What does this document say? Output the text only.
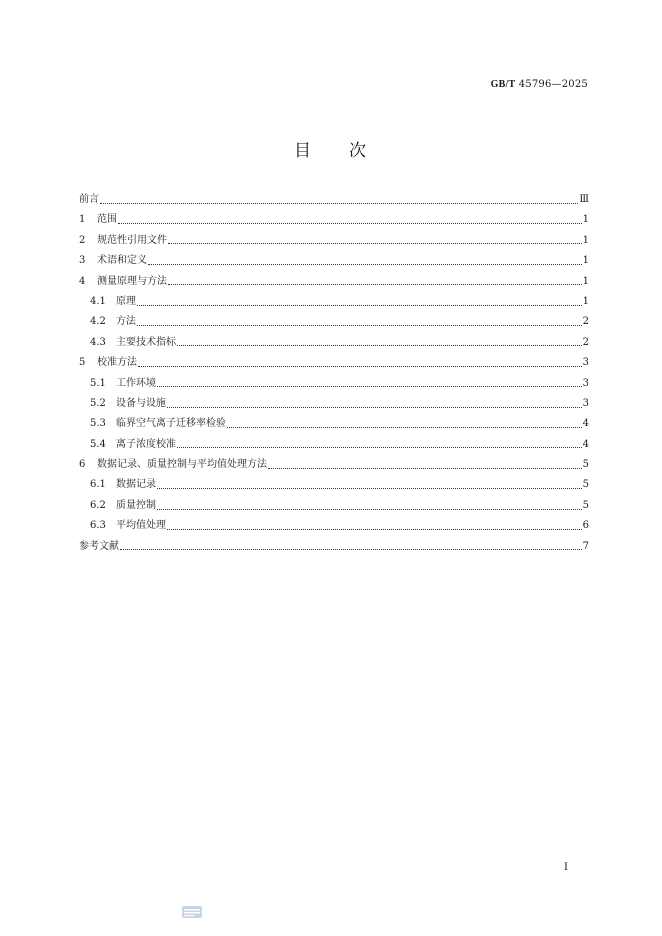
GB/T 45796—2025
目 次
前言	Ⅲ
1	范围	1
2	规范性引用文件	1
3	术语和定义	1
4	测量原理与方法	1
4.1	原理	1
4.2	方法	2
4.3	主要技术指标	2
5	校准方法	3
5.1	工作环境	3
5.2	设备与设施	3
5.3	临界空气离子迁移率检验	4
5.4	离子浓度校准	4
6	数据记录、质量控制与平均值处理方法	5
6.1	数据记录	5
6.2	质量控制	5
6.3	平均值处理	6
参考文献	7
Ⅰ
